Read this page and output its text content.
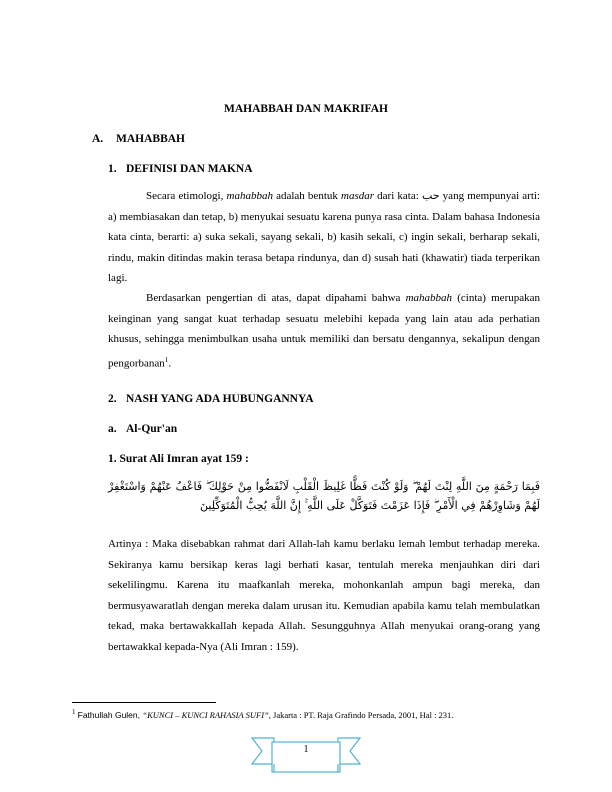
MAHABBAH DAN MAKRIFAH
A. MAHABBAH
1. DEFINISI DAN MAKNA

Secara etimologi, mahabbah adalah bentuk masdar dari kata: حب yang mempunyai arti: a) membiasakan dan tetap, b) menyukai sesuatu karena punya rasa cinta. Dalam bahasa Indonesia kata cinta, berarti: a) suka sekali, sayang sekali, b) kasih sekali, c) ingin sekali, berharap sekali, rindu, makin ditindas makin terasa betapa rindunya, dan d) susah hati (khawatir) tiada terperikan lagi.

Berdasarkan pengertian di atas, dapat dipahami bahwa mahabbah (cinta) merupakan keinginan yang sangat kuat terhadap sesuatu melebihi kepada yang lain atau ada perhatian khusus, sehingga menimbulkan usaha untuk memiliki dan bersatu dengannya, sekalipun dengan pengorbanan$^1$.

2. NASH YANG ADA HUBUNGANNYA
a. Al-Qur'an
1. Surat Ali Imran ayat 159 :
فَبِمَا رَحْمَةٍ مِنَ اللَّهِ لِنْتَ لَهُمْ ۖ وَلَوْ كُنْتَ فَظًّا غَلِيظَ الْقَلْبِ لَانْفَضُّوا مِنْ حَوْلِكَ ۖ فَاعْفُ عَنْهُمْ وَاسْتَغْفِرْ لَهُمْ وَشَاوِرْهُمْ فِي الْأَمْرِ ۖ فَإِذَا عَزَمْتَ فَتَوَكَّلْ عَلَى اللَّهِ ۚ إِنَّ اللَّهَ يُحِبُّ الْمُتَوَكِّلِينَ

Artinya : Maka disebabkan rahmat dari Allah-lah kamu berlaku lemah lembut terhadap mereka. Sekiranya kamu bersikap keras lagi berhati kasar, tentulah mereka menjauhkan diri dari sekelilingmu. Karena itu maafkanlah mereka, mohonkanlah ampun bagi mereka, dan bermusyawaratlah dengan mereka dalam urusan itu. Kemudian apabila kamu telah membulatkan tekad, maka bertawakkallah kepada Allah. Sesungguhnya Allah menyukai orang-orang yang bertawakkal kepada-Nya (Ali Imran : 159).

$^1$ Fathullah Gulen, “KUNCI – KUNCI RAHASIA SUFI”, Jakarta : PT. Raja Grafindo Persada, 2001, Hal : 231.
1
